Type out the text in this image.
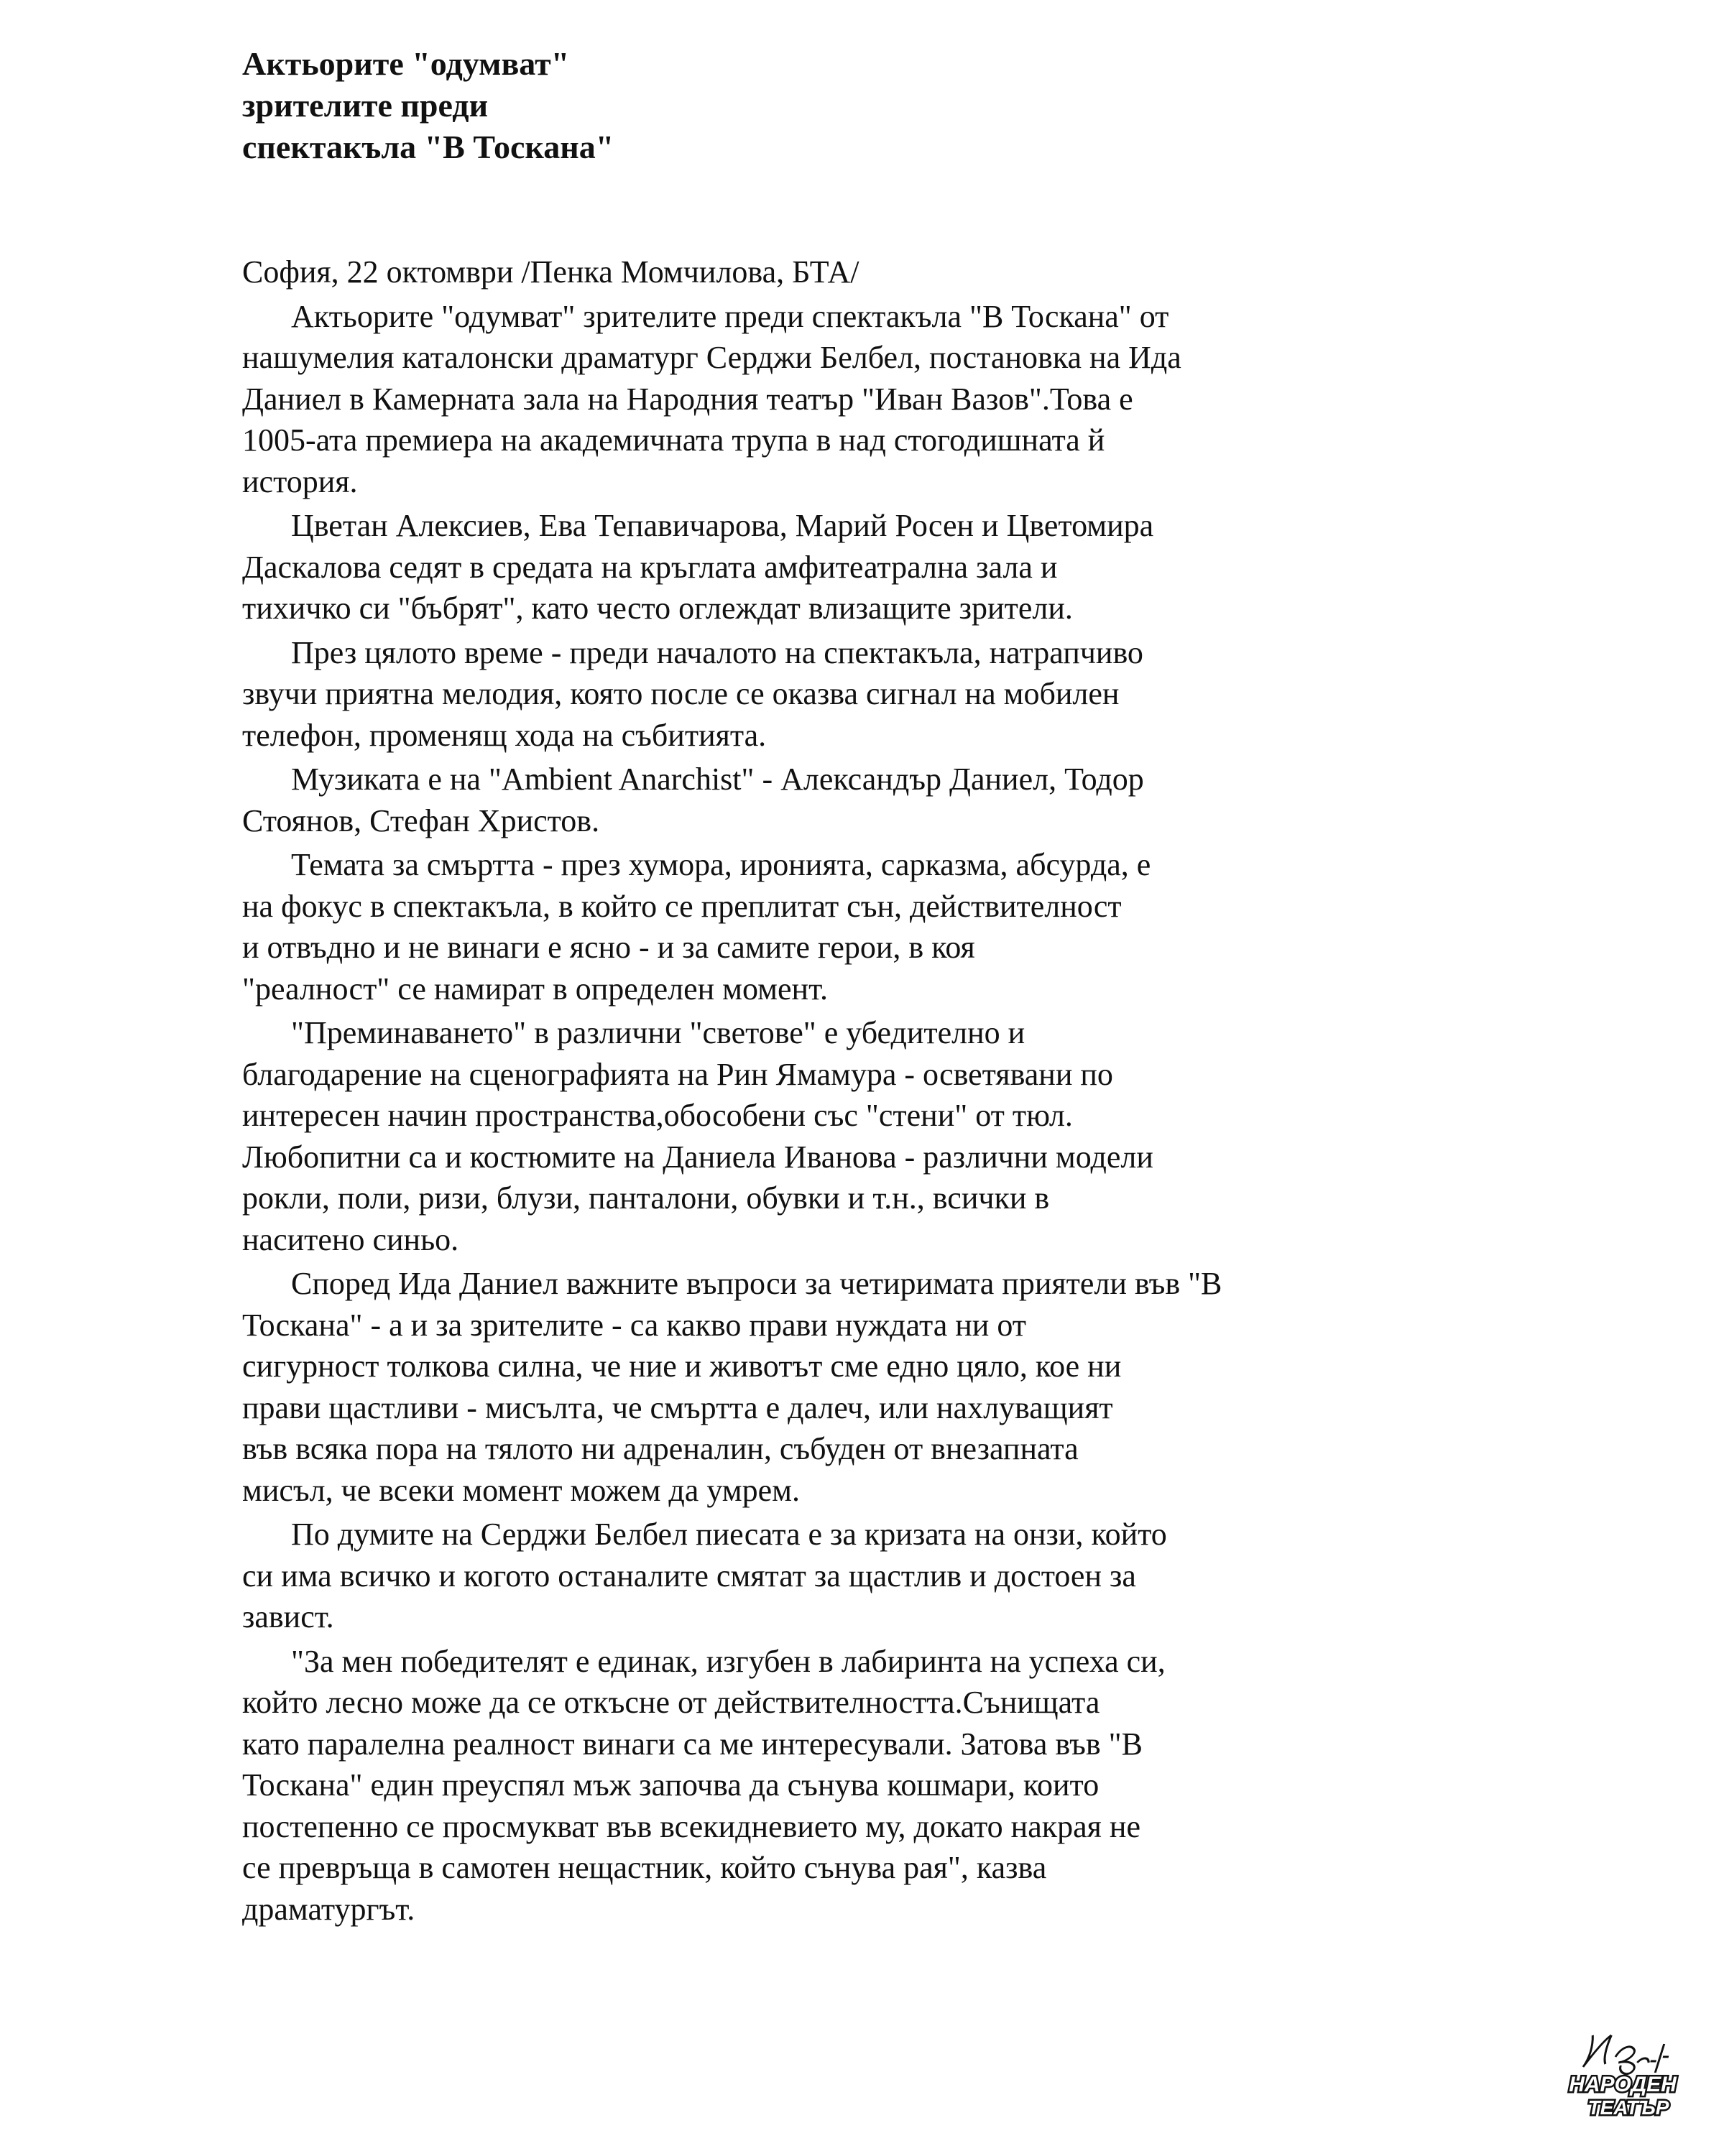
Актьорите "одумват"
зрителите преди
спектакъла "В Тоскана"
София, 22 октомври /Пенка Момчилова, БТА/
Актьорите "одумват" зрителите преди спектакъла "В Тоскана" от
нашумелия каталонски драматург Серджи Белбел, постановка на Ида
Даниел в Камерната зала на Народния театър "Иван Вазов".Това е
1005-ата премиера на академичната трупа в над стогодишната й
история.
Цветан Алексиев, Ева Тепавичарова, Марий Росен и Цветомира
Даскалова седят в средата на кръглата амфитеатрална зала и
тихичко си "бъбрят", като често оглеждат влизащите зрители.
През цялото време - преди началото на спектакъла, натрапчиво
звучи приятна мелодия, която после се оказва сигнал на мобилен
телефон, променящ хода на събитията.
Музиката е на "Ambient Anarchist" - Александър Даниел, Тодор
Стоянов, Стефан Христов.
Темата за смъртта - през хумора, иронията, сарказма, абсурда, е
на фокус в спектакъла, в който се преплитат сън, действителност
и отвъдно и не винаги е ясно - и за самите герои, в коя
"реалност" се намират в определен момент.
"Преминаването" в различни "светове" е убедително и
благодарение на сценографията на Рин Ямамура - осветявани по
интересен начин пространства,обособени със "стени" от тюл.
Любопитни са и костюмите на Даниела Иванова - различни модели
рокли, поли, ризи, блузи, панталони, обувки и т.н., всички в
наситено синьо.
Според Ида Даниел важните въпроси за четиримата приятели във "В
Тоскана" - а и за зрителите - са какво прави нуждата ни от
сигурност толкова силна, че ние и животът сме едно цяло, кое ни
прави щастливи - мисълта, че смъртта е далеч, или нахлуващият
във всяка пора на тялото ни адреналин, събуден от внезапната
мисъл, че всеки момент можем да умрем.
По думите на Серджи Белбел пиесата е за кризата на онзи, който
си има всичко и когото останалите смятат за щастлив и достоен за
завист.
"За мен победителят е единак, изгубен в лабиринта на успеха си,
който лесно може да се откъсне от действителността.Сънищата
като паралелна реалност винаги са ме интересували. Затова във "В
Тоскана" един преуспял мъж започва да сънува кошмари, които
постепенно се просмукват във всекидневието му, докато накрая не
се превръща в самотен нещастник, който сънува рая", казва
драматургът.
НАРОДЕН
ТЕАТЪР
